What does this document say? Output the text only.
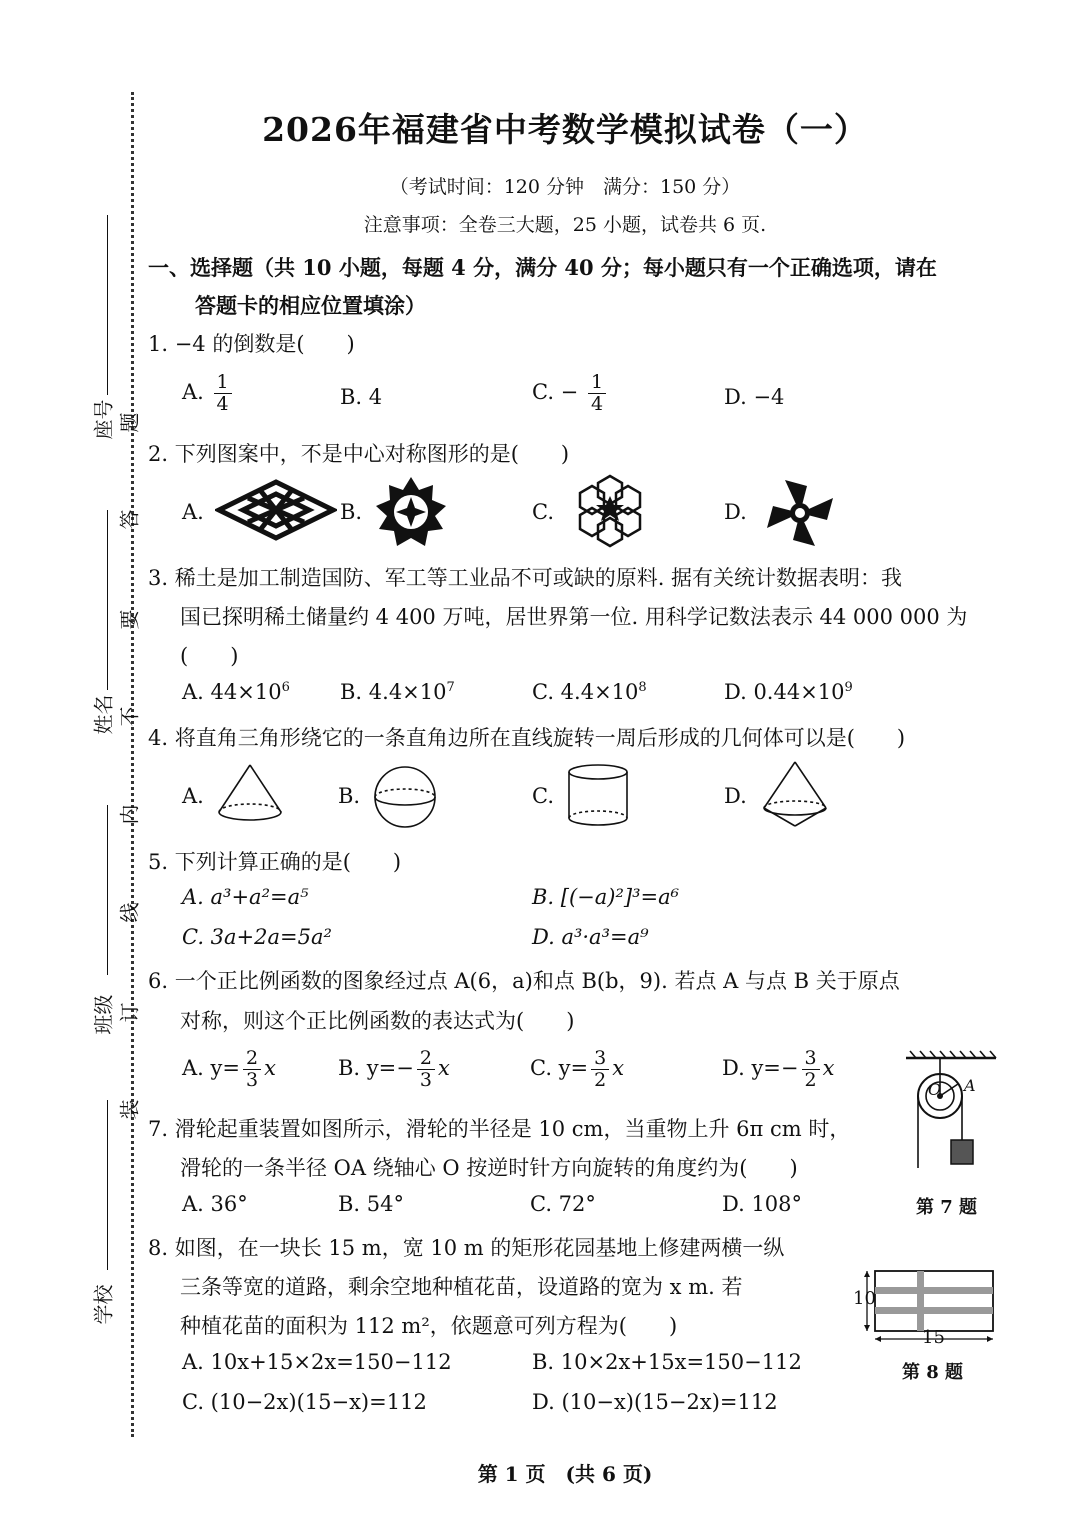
座号
姓名
班级
学校
题
答
要
不
内
线
订
装
2026年福建省中考数学模拟试卷（一）
（考试时间：120 分钟　满分：150 分）
注意事项：全卷三大题，25 小题，试卷共 6 页.
一、选择题（共 10 小题，每题 4 分，满分 40 分；每小题只有一个正确选项，请在
答题卡的相应位置填涂）
1. −4 的倒数是(　　)
A. $\frac{1}{4}$	B. 4	C. − $\frac{1}{4}$	D. −4
2. 下列图案中，不是中心对称图形的是(　　)
A.	B.	C.	D.
3. 稀土是加工制造国防、军工等工业品不可或缺的原料. 据有关统计数据表明：我
国已探明稀土储量约 4 400 万吨，居世界第一位. 用科学记数法表示 44 000 000 为
(　　)
A. $44\times 10^6$ B. $4.4\times 10^7$	C. $4.4\times 10^8$	D. $0.44\times 10^9$
4. 将直角三角形绕它的一条直角边所在直线旋转一周后形成的几何体可以是(　　)
A.	B.	C.	D.
5. 下列计算正确的是(　　)
A. a³+a²=a⁵	B. [(−a)²]³=a⁶
C. 3a+2a=5a²	D. a³·a³=a⁹
6. 一个正比例函数的图象经过点 A(6，a)和点 B(b，9). 若点 A 与点 B 关于原点
对称，则这个正比例函数的表达式为(　　)
A. $y= \frac{2}{3}$ x	B. $y=- \frac{2}{3}$ x	C. $y= \frac{3}{2}$ x	D. $y=- \frac{3}{2}$ x
O A
第 7 题
7. 滑轮起重装置如图所示，滑轮的半径是 10 cm，当重物上升 6π cm 时，
滑轮的一条半径 OA 绕轴心 O 按逆时针方向旋转的角度约为(　　)
A. 36°	B. 54°	C. 72°	D. 108°
8. 如图，在一块长 15 m，宽 10 m 的矩形花园基地上修建两横一纵
三条等宽的道路，剩余空地种植花苗，设道路的宽为 x m. 若
种植花苗的面积为 112 m²，依题意可列方程为(　　)
A. 10x+15×2x=150−112	B. 10×2x+15x=150−112
C. (10−2x)(15−x)=112	D. (10−x)(15−2x)=112
10
15
第 8 题
第 1 页　(共 6 页)
